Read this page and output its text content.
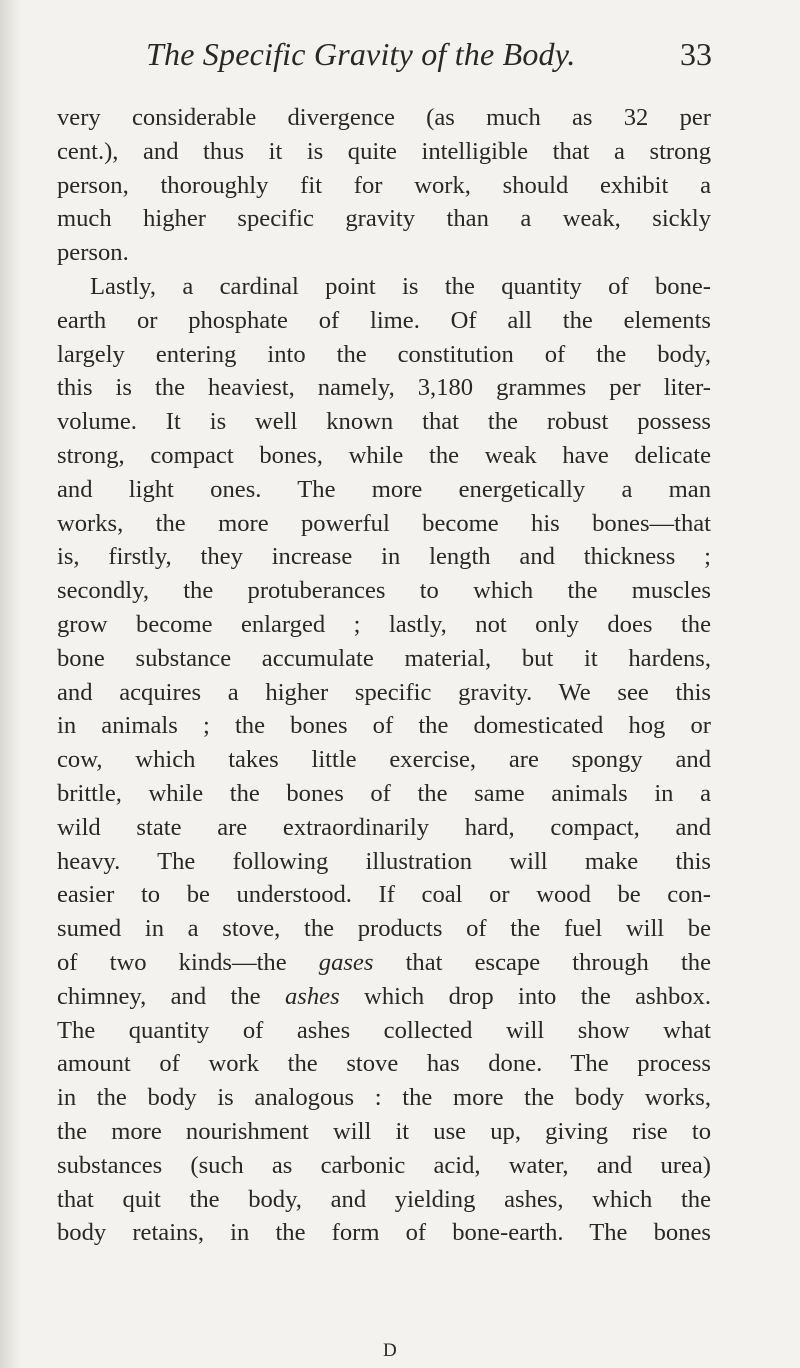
The Specific Gravity of the Body.	33
very considerable divergence (as much as 32 per
cent.), and thus it is quite intelligible that a strong
person, thoroughly fit for work, should exhibit a
much higher specific gravity than a weak, sickly
person.
Lastly, a cardinal point is the quantity of bone-
earth or phosphate of lime. Of all the elements
largely entering into the constitution of the body,
this is the heaviest, namely, 3,180 grammes per liter-
volume. It is well known that the robust possess
strong, compact bones, while the weak have delicate
and light ones. The more energetically a man
works, the more powerful become his bones—that
is, firstly, they increase in length and thickness ;
secondly, the protuberances to which the muscles
grow become enlarged ; lastly, not only does the
bone substance accumulate material, but it hardens,
and acquires a higher specific gravity. We see this
in animals ; the bones of the domesticated hog or
cow, which takes little exercise, are spongy and
brittle, while the bones of the same animals in a
wild state are extraordinarily hard, compact, and
heavy. The following illustration will make this
easier to be understood. If coal or wood be con-
sumed in a stove, the products of the fuel will be
of two kinds—the gases that escape through the
chimney, and the ashes which drop into the ashbox.
The quantity of ashes collected will show what
amount of work the stove has done. The process
in the body is analogous : the more the body works,
the more nourishment will it use up, giving rise to
substances (such as carbonic acid, water, and urea)
that quit the body, and yielding ashes, which the
body retains, in the form of bone-earth. The bones
D
